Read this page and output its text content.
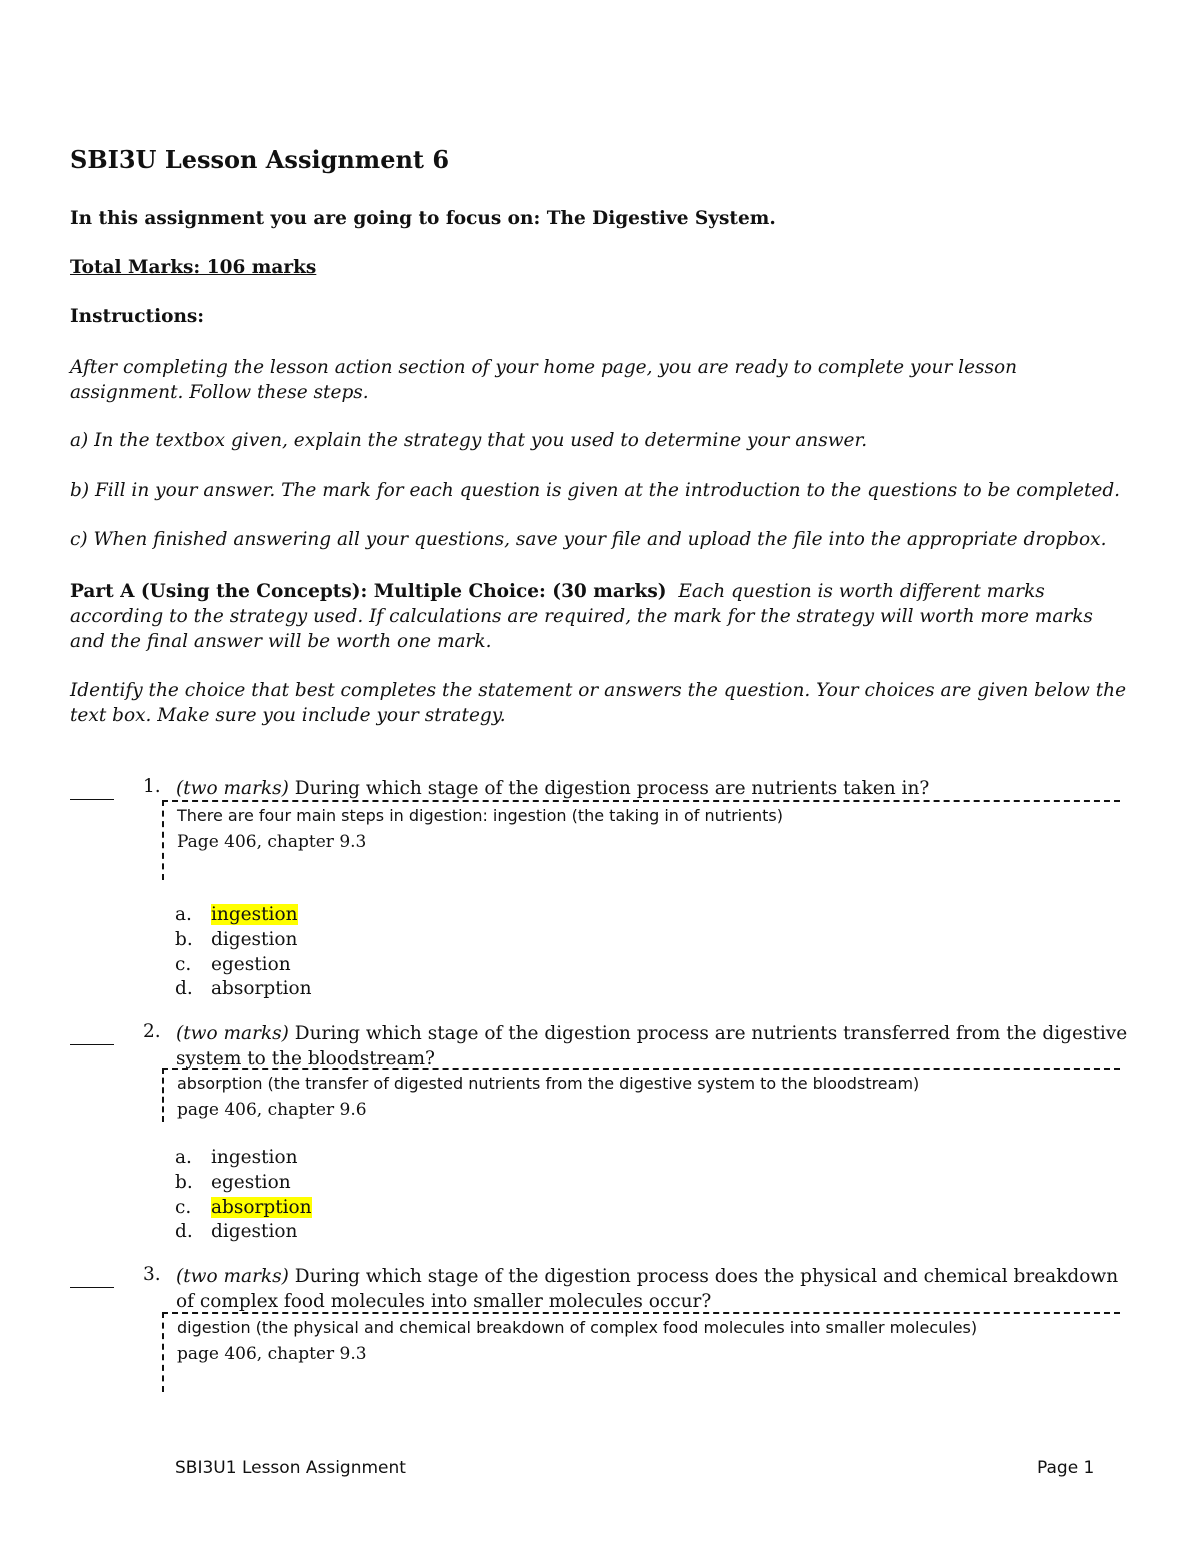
SBI3U Lesson Assignment 6
In this assignment you are going to focus on: The Digestive System.
Total Marks: 106 marks
Instructions:
After completing the lesson action section of your home page, you are ready to complete your lesson assignment. Follow these steps.
a) In the textbox given, explain the strategy that you used to determine your answer.
b) Fill in your answer. The mark for each question is given at the introduction to the questions to be completed.
c) When finished answering all your questions, save your file and upload the file into the appropriate dropbox.
Part A (Using the Concepts): Multiple Choice: (30 marks) Each question is worth different marks according to the strategy used. If calculations are required, the mark for the strategy will worth more marks and the final answer will be worth one mark.
Identify the choice that best completes the statement or answers the question. Your choices are given below the text box. Make sure you include your strategy.
1. (two marks) During which stage of the digestion process are nutrients taken in?
There are four main steps in digestion: ingestion (the taking in of nutrients)
Page 406, chapter 9.3
a. ingestion
b. digestion
c. egestion
d. absorption
2. (two marks) During which stage of the digestion process are nutrients transferred from the digestive system to the bloodstream?
absorption (the transfer of digested nutrients from the digestive system to the bloodstream)
page 406, chapter 9.6
a. ingestion
b. egestion
c. absorption
d. digestion
3. (two marks) During which stage of the digestion process does the physical and chemical breakdown of complex food molecules into smaller molecules occur?
digestion (the physical and chemical breakdown of complex food molecules into smaller molecules)
page 406, chapter 9.3
SBI3U1 Lesson Assignment	Page 1
